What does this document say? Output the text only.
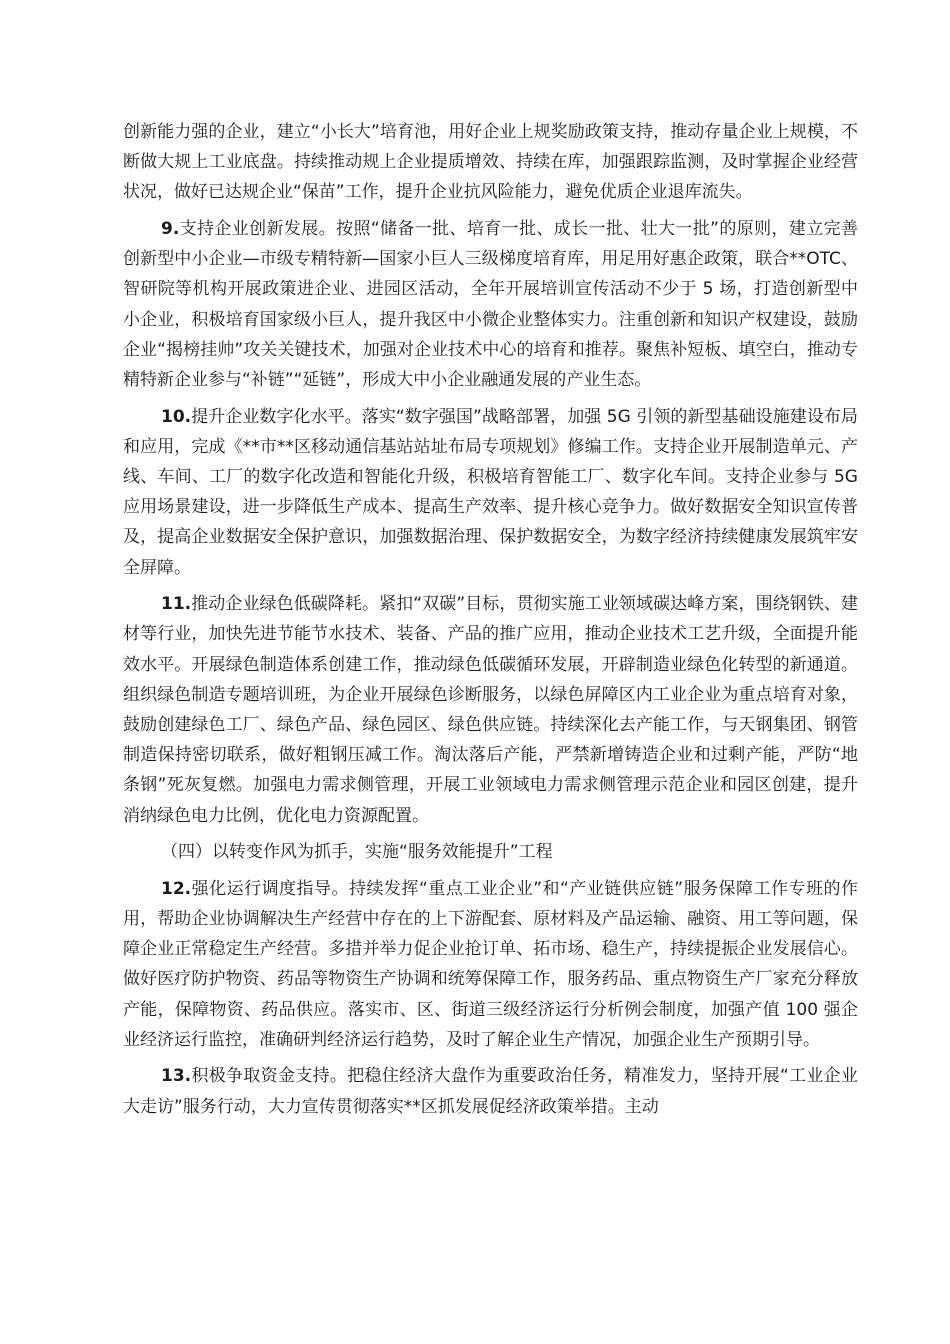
创新能力强的企业，建立“小长大”培育池，用好企业上规奖励政策支持，推动存量企业上规模，不断做大规上工业底盘。持续推动规上企业提质增效、持续在库，加强跟踪监测，及时掌握企业经营状况，做好已达规企业“保苗”工作，提升企业抗风险能力，避免优质企业退库流失。

9.支持企业创新发展。按照“储备一批、培育一批、成长一批、壮大一批”的原则，建立完善创新型中小企业—市级专精特新—国家小巨人三级梯度培育库，用足用好惠企政策，联合**OTC、智研院等机构开展政策进企业、进园区活动，全年开展培训宣传活动不少于 5 场，打造创新型中小企业，积极培育国家级小巨人，提升我区中小微企业整体实力。注重创新和知识产权建设，鼓励企业“揭榜挂帅”攻关关键技术，加强对企业技术中心的培育和推荐。聚焦补短板、填空白，推动专精特新企业参与“补链”“延链”，形成大中小企业融通发展的产业生态。

10.提升企业数字化水平。落实“数字强国”战略部署，加强 5G 引领的新型基础设施建设布局和应用，完成《**市**区移动通信基站站址布局专项规划》修编工作。支持企业开展制造单元、产线、车间、工厂的数字化改造和智能化升级，积极培育智能工厂、数字化车间。支持企业参与 5G 应用场景建设，进一步降低生产成本、提高生产效率、提升核心竞争力。做好数据安全知识宣传普及，提高企业数据安全保护意识，加强数据治理、保护数据安全，为数字经济持续健康发展筑牢安全屏障。

11.推动企业绿色低碳降耗。紧扣“双碳”目标，贯彻实施工业领域碳达峰方案，围绕钢铁、建材等行业，加快先进节能节水技术、装备、产品的推广应用，推动企业技术工艺升级，全面提升能效水平。开展绿色制造体系创建工作，推动绿色低碳循环发展，开辟制造业绿色化转型的新通道。组织绿色制造专题培训班，为企业开展绿色诊断服务，以绿色屏障区内工业企业为重点培育对象，鼓励创建绿色工厂、绿色产品、绿色园区、绿色供应链。持续深化去产能工作，与天钢集团、钢管制造保持密切联系，做好粗钢压减工作。淘汰落后产能，严禁新增铸造企业和过剩产能，严防“地条钢”死灰复燃。加强电力需求侧管理，开展工业领域电力需求侧管理示范企业和园区创建，提升消纳绿色电力比例，优化电力资源配置。

（四）以转变作风为抓手，实施“服务效能提升”工程

12.强化运行调度指导。持续发挥“重点工业企业”和“产业链供应链”服务保障工作专班的作用，帮助企业协调解决生产经营中存在的上下游配套、原材料及产品运输、融资、用工等问题，保障企业正常稳定生产经营。多措并举力促企业抢订单、拓市场、稳生产，持续提振企业发展信心。做好医疗防护物资、药品等物资生产协调和统筹保障工作，服务药品、重点物资生产厂家充分释放产能，保障物资、药品供应。落实市、区、街道三级经济运行分析例会制度，加强产值 100 强企业经济运行监控，准确研判经济运行趋势，及时了解企业生产情况，加强企业生产预期引导。

13.积极争取资金支持。把稳住经济大盘作为重要政治任务，精准发力，坚持开展“工业企业大走访”服务行动，大力宣传贯彻落实**区抓发展促经济政策举措。主动
